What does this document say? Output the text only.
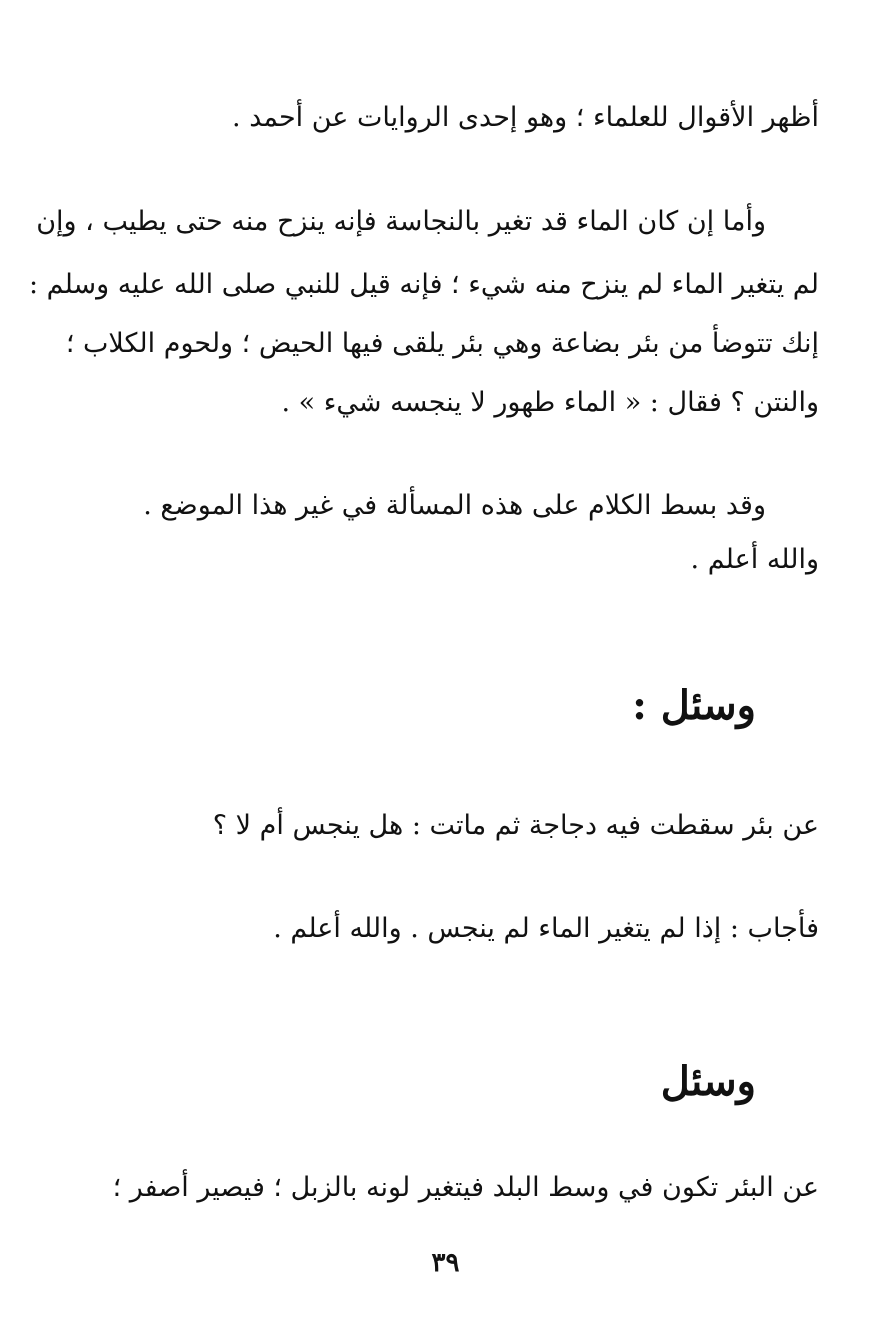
أظهر الأقوال للعلماء ؛ وهو إحدى الروايات عن أحمد .
وأما إن كان الماء قد تغير بالنجاسة فإنه ينزح منه حتى يطيب ، وإن
لم يتغير الماء لم ينزح منه شيء ؛ فإنه قيل للنبي صلى الله عليه وسلم :
إنك تتوضأ من بئر بضاعة وهي بئر يلقى فيها الحيض ؛ ولحوم الكلاب ؛
والنتن ؟ فقال : « الماء طهور لا ينجسه شيء » .
وقد بسط الكلام على هذه المسألة في غير هذا الموضع .
والله أعلم .
وسئل :
عن بئر سقطت فيه دجاجة ثم ماتت : هل ينجس أم لا ؟
فأجاب : إذا لم يتغير الماء لم ينجس . والله أعلم .
وسئل
عن البئر تكون في وسط البلد فيتغير لونه بالزبل ؛ فيصير أصفر ؛
٣٩
